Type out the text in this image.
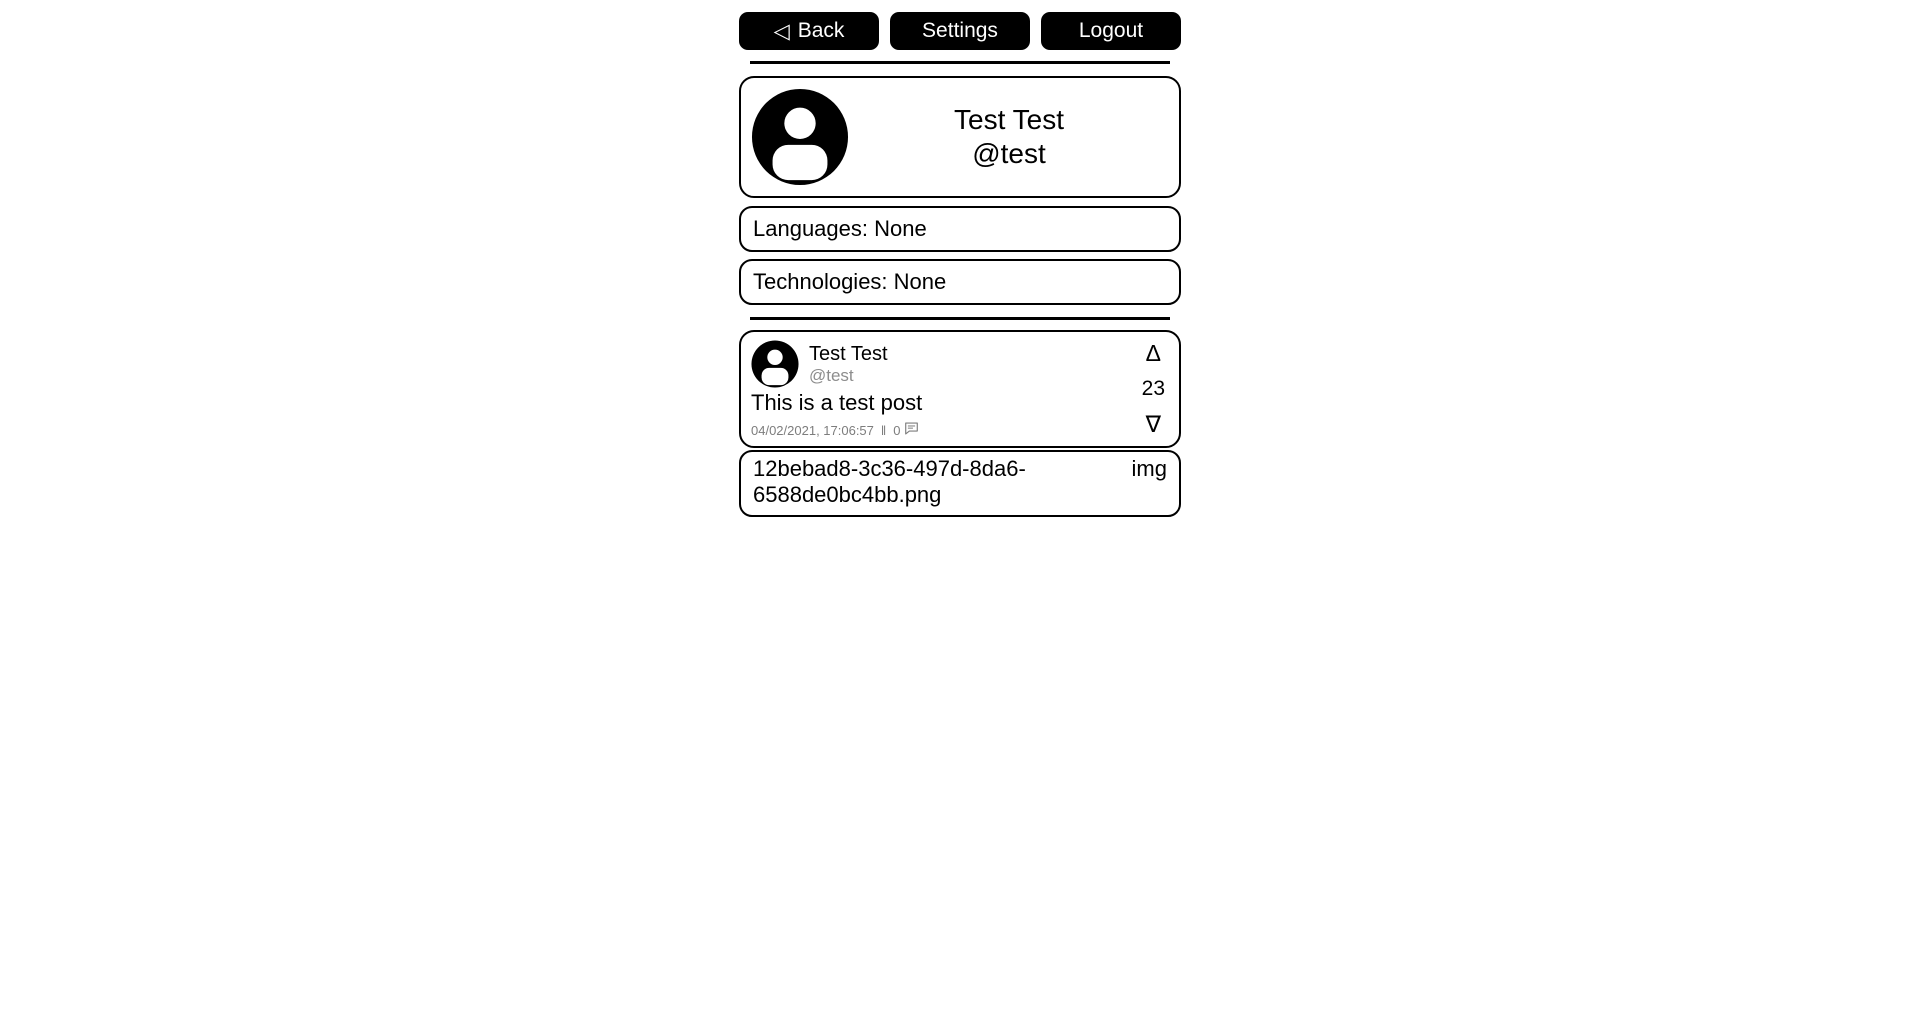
◁ Back	Settings	Logout
Test Test
@test
Languages: None
Technologies: None
Test Test
@test
This is a test post
04/02/2021, 17:06:57 ‖ 0
Δ
23
∇
12bebad8-3c36-497d-8da6-6588de0bc4bb.png
img
